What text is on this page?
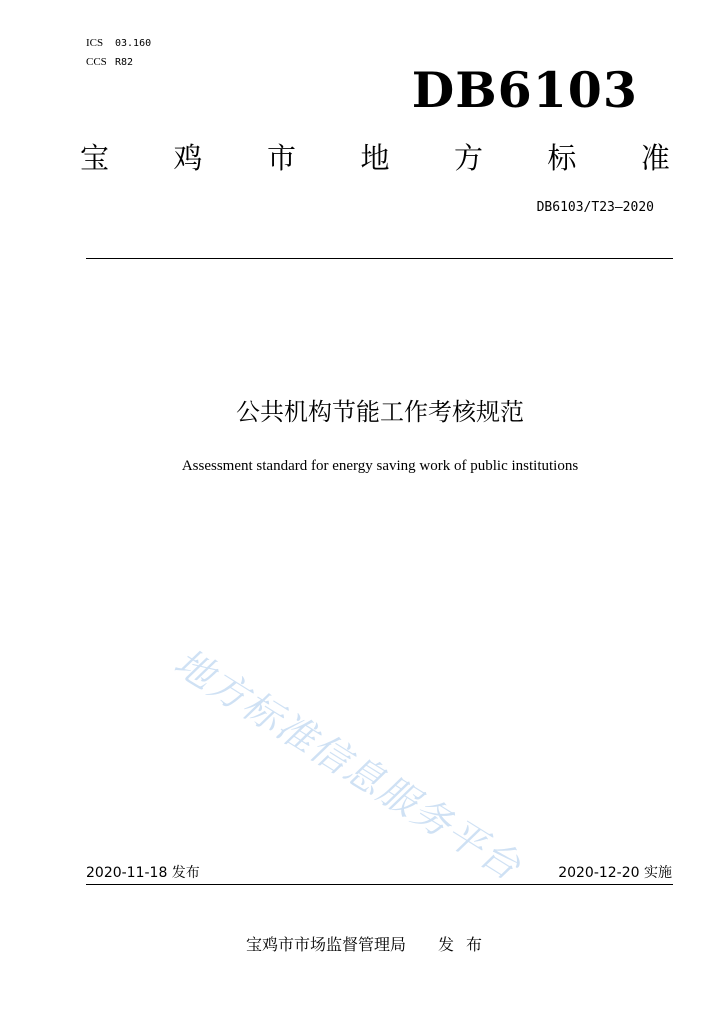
ICS 03.160
CCS R82	DB6103
宝 鸡 市 地 方 标 准
DB6103/T23—2020
公共机构节能工作考核规范
Assessment standard for energy saving work of public institutions
地方标准信息服务平台
2020-11-18 发布	2020-12-20 实施
宝鸡市市场监督管理局 发布
